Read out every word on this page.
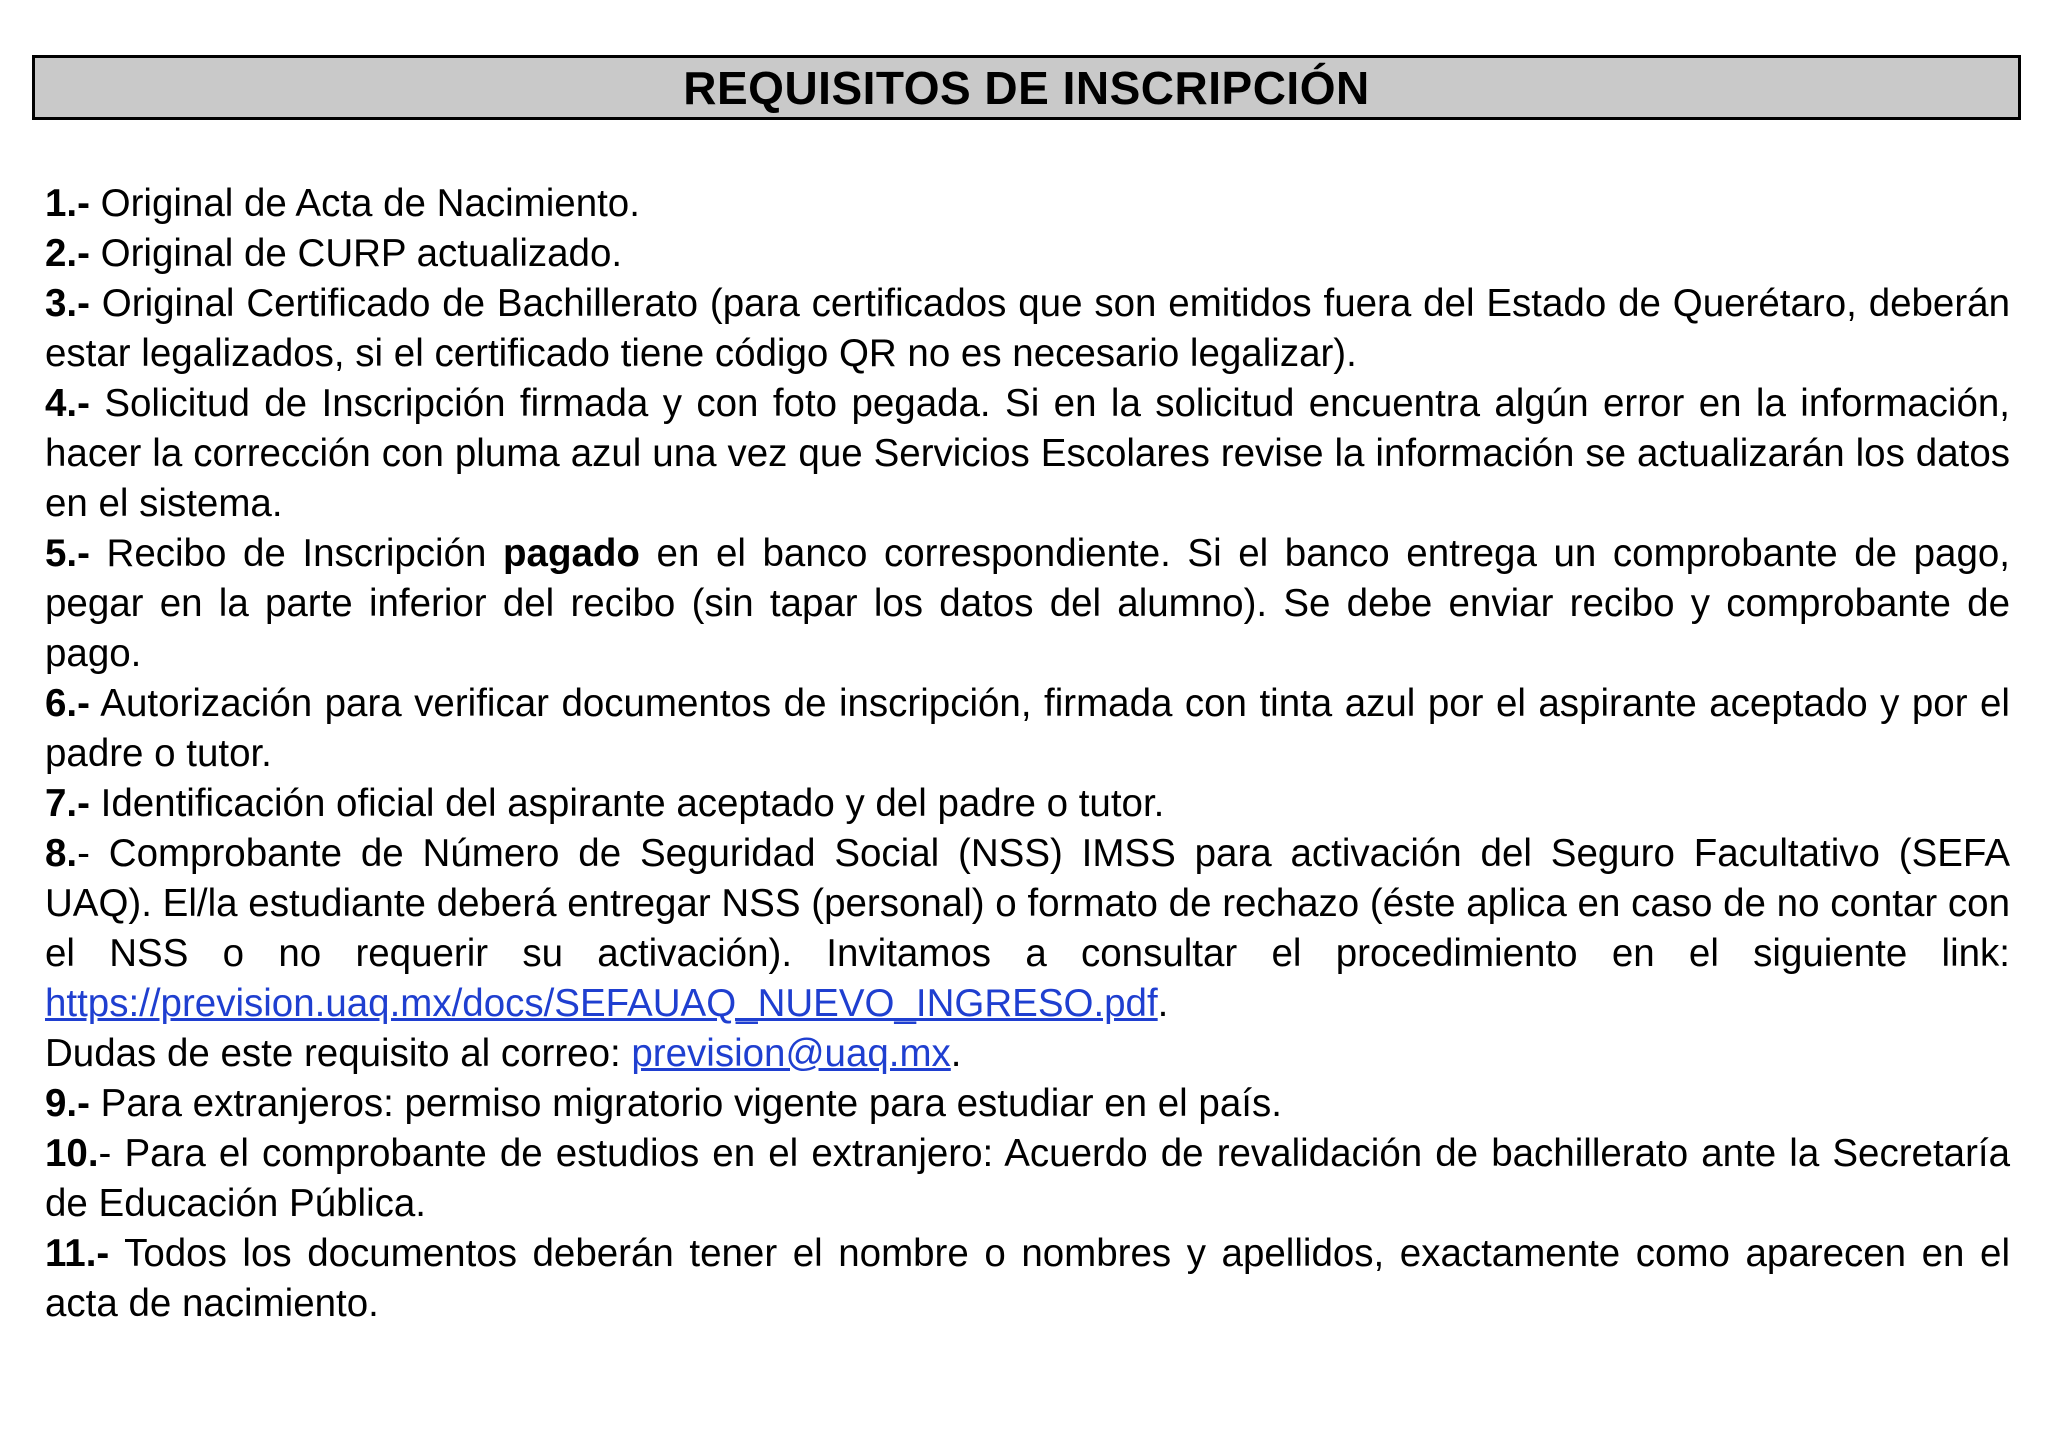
REQUISITOS DE INSCRIPCIÓN

1.- Original de Acta de Nacimiento.

2.- Original de CURP actualizado.

3.- Original Certificado de Bachillerato (para certificados que son emitidos fuera del Estado de Querétaro, deberán estar legalizados, si el certificado tiene código QR no es necesario legalizar).

4.- Solicitud de Inscripción firmada y con foto pegada. Si en la solicitud encuentra algún error en la información, hacer la corrección con pluma azul una vez que Servicios Escolares revise la información se actualizarán los datos en el sistema.

5.- Recibo de Inscripción pagado en el banco correspondiente. Si el banco entrega un comprobante de pago, pegar en la parte inferior del recibo (sin tapar los datos del alumno). Se debe enviar recibo y comprobante de pago.

6.- Autorización para verificar documentos de inscripción, firmada con tinta azul por el aspirante aceptado y por el padre o tutor.

7.- Identificación oficial del aspirante aceptado y del padre o tutor.

8.- Comprobante de Número de Seguridad Social (NSS) IMSS para activación del Seguro Facultativo (SEFA UAQ). El/la estudiante deberá entregar NSS (personal) o formato de rechazo (éste aplica en caso de no contar con el NSS o no requerir su activación). Invitamos a consultar el procedimiento en el siguiente link: https://prevision.uaq.mx/docs/SEFAUAQ_NUEVO_INGRESO.pdf.
Dudas de este requisito al correo: prevision@uaq.mx.

9.- Para extranjeros: permiso migratorio vigente para estudiar en el país.

10.- Para el comprobante de estudios en el extranjero: Acuerdo de revalidación de bachillerato ante la Secretaría de Educación Pública.

11.- Todos los documentos deberán tener el nombre o nombres y apellidos, exactamente como aparecen en el acta de nacimiento.
